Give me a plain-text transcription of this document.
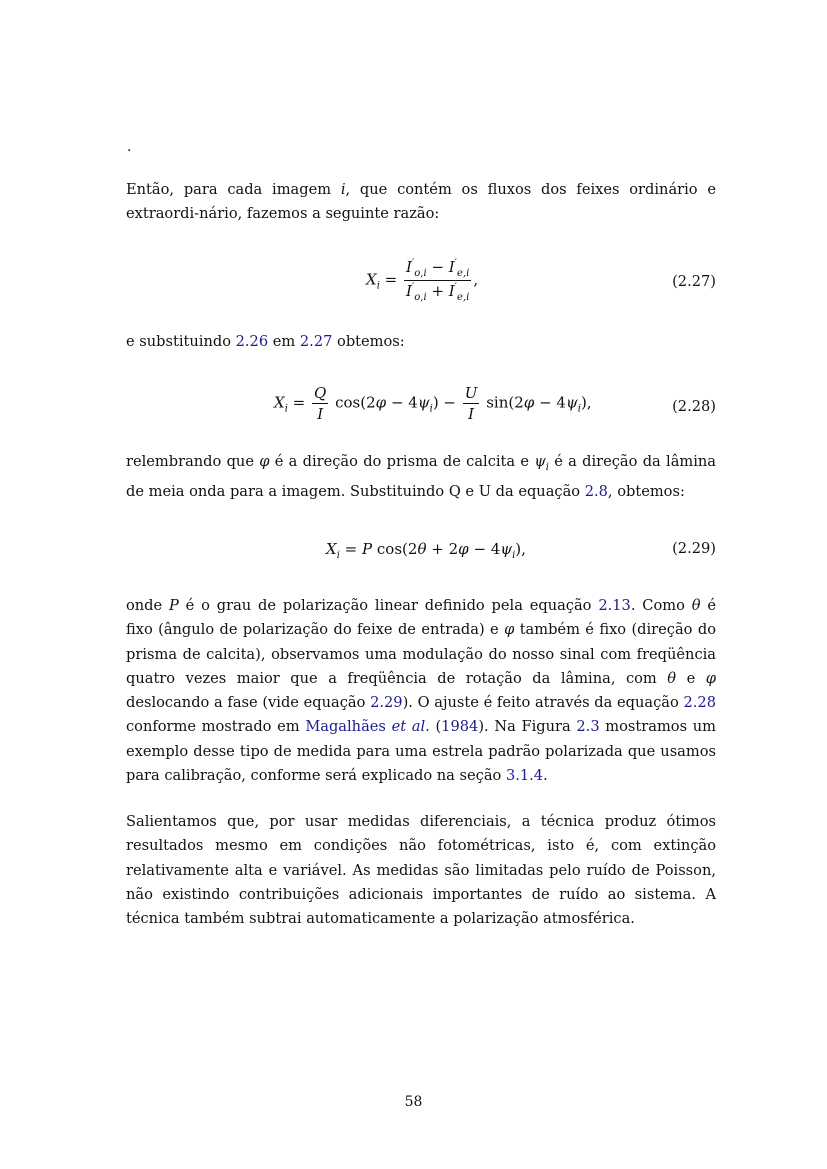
.

Então, para cada imagem i, que contém os fluxos dos feixes ordinário e extraordi-nário, fazemos a seguinte razão:

$X_i = \frac{I'_{o,i} - I'_{e,i}}{I'_{o,i} + I'_{e,i}}$ ,	(2.27)

e substituindo 2.26 em 2.27 obtemos:

$X_i = \frac{Q}{I} \cos(2\varphi - 4\psi_i) - \frac{U}{I} \sin(2\varphi - 4\psi_i)$,	(2.28)

relembrando que φ é a direção do prisma de calcita e $\psi_i$ é a direção da lâmina de meia onda para a imagem. Substituindo Q e U da equação 2.8, obtemos:

$X_i = P$ $\cos(2\theta + 2\varphi - 4\psi_i)$,	(2.29)

onde P é o grau de polarização linear definido pela equação 2.13. Como θ é fixo (ângulo de polarização do feixe de entrada) e φ também é fixo (direção do prisma de calcita), observamos uma modulação do nosso sinal com freqüência quatro vezes maior que a freqüência de rotação da lâmina, com θ e φ deslocando a fase (vide equação 2.29). O ajuste é feito através da equação 2.28 conforme mostrado em Magalhães et al. (1984). Na Figura 2.3 mostramos um exemplo desse tipo de medida para uma estrela padrão polarizada que usamos para calibração, conforme será explicado na seção 3.1.4.

Salientamos que, por usar medidas diferenciais, a técnica produz ótimos resultados mesmo em condições não fotométricas, isto é, com extinção relativamente alta e variável. As medidas são limitadas pelo ruído de Poisson, não existindo contribuições adicionais importantes de ruído ao sistema. A técnica também subtrai automaticamente a polarização atmosférica.

58
